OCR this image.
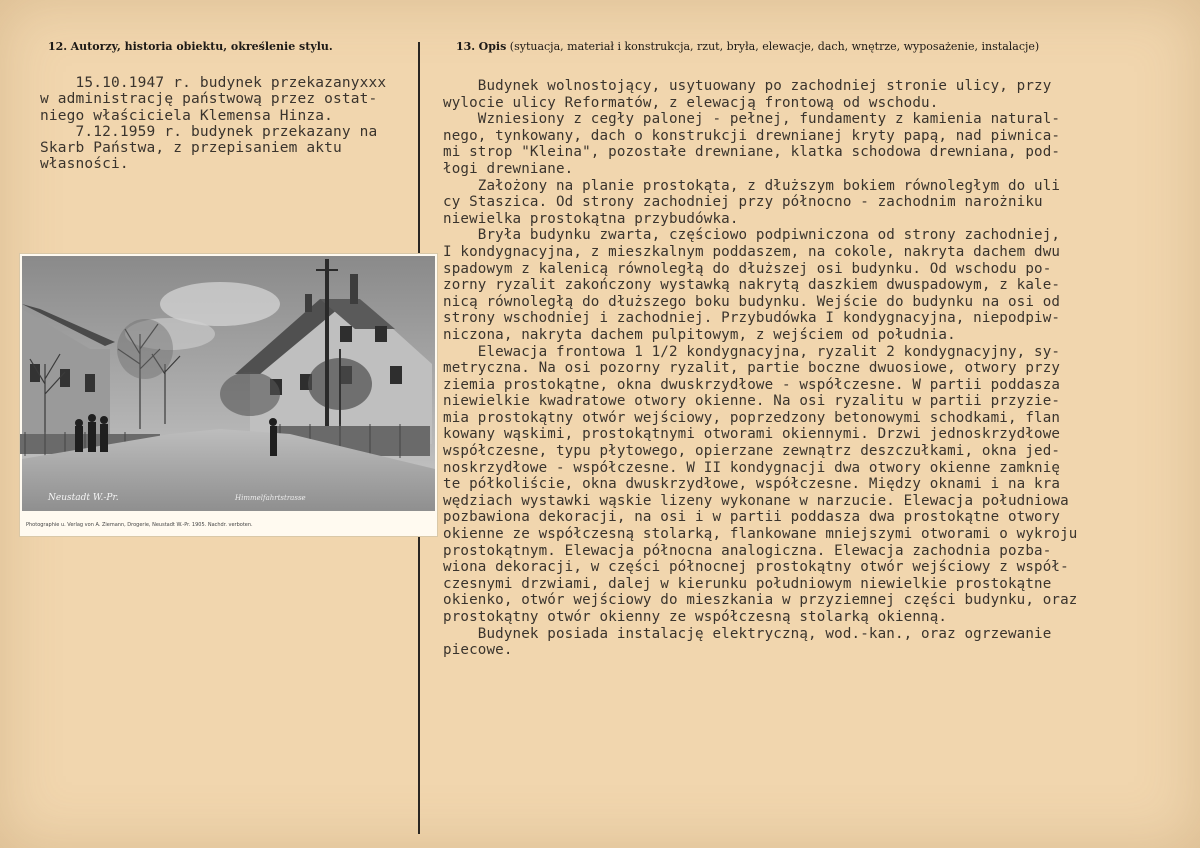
12. Autorzy, historia obiektu, określenie stylu.	13. Opis (sytuacja, materiał i konstrukcja, rzut, bryła, elewacje, dach, wnętrze, wyposażenie, instalacje)
15.10.1947 r. budynek przekazanyxxx
w administrację państwową przez ostat-
niego właściciela Klemensa Hinza.
7.12.1959 r. budynek przekazany na
Skarb Państwa, z przepisaniem aktu
własności.
Budynek wolnostojący, usytuowany po zachodniej stronie ulicy, przy
wylocie ulicy Reformatów, z elewacją frontową od wschodu.
Wzniesiony z cegły palonej - pełnej, fundamenty z kamienia natural-
nego, tynkowany, dach o konstrukcji drewnianej kryty papą, nad piwnica-
mi strop "Kleina", pozostałe drewniane, klatka schodowa drewniana, pod-
łogi drewniane.
Założony na planie prostokąta, z dłuższym bokiem równoległym do uli
cy Staszica. Od strony zachodniej przy północno - zachodnim narożniku
niewielka prostokątna przybudówka.
Bryła budynku zwarta, częściowo podpiwniczona od strony zachodniej,
I kondygnacyjna, z mieszkalnym poddaszem, na cokole, nakryta dachem dwu
spadowym z kalenicą równoległą do dłuższej osi budynku. Od wschodu po-
zorny ryzalit zakończony wystawką nakrytą daszkiem dwuspadowym, z kale-
nicą równoległą do dłuższego boku budynku. Wejście do budynku na osi od
strony wschodniej i zachodniej. Przybudówka I kondygnacyjna, niepodpiw-
niczona, nakryta dachem pulpitowym, z wejściem od południa.
Elewacja frontowa 1 1/2 kondygnacyjna, ryzalit 2 kondygnacyjny, sy-
metryczna. Na osi pozorny ryzalit, partie boczne dwuosiowe, otwory przy
ziemia prostokątne, okna dwuskrzydłowe - współczesne. W partii poddasza
niewielkie kwadratowe otwory okienne. Na osi ryzalitu w partii przyzie-
mia prostokątny otwór wejściowy, poprzedzony betonowymi schodkami, flan
kowany wąskimi, prostokątnymi otworami okiennymi. Drzwi jednoskrzydłowe
współczesne, typu płytowego, opierzane zewnątrz deszczułkami, okna jed-
noskrzydłowe - współczesne. W II kondygnacji dwa otwory okienne zamknię
te półkoliście, okna dwuskrzydłowe, współczesne. Między oknami i na kra
wędziach wystawki wąskie lizeny wykonane w narzucie. Elewacja południowa
pozbawiona dekoracji, na osi i w partii poddasza dwa prostokątne otwory
okienne ze współczesną stolarką, flankowane mniejszymi otworami o wykroju
prostokątnym. Elewacja północna analogiczna. Elewacja zachodnia pozba-
wiona dekoracji, w części północnej prostokątny otwór wejściowy z współ-
czesnymi drzwiami, dalej w kierunku południowym niewielkie prostokątne
okienko, otwór wejściowy do mieszkania w przyziemnej części budynku, oraz
prostokątny otwór okienny ze współczesną stolarką okienną.
Budynek posiada instalację elektryczną, wod.-kan., oraz ogrzewanie
piecowe.
Neustadt W.-Pr.	Himmelfahrtstrasse
Photographie u. Verlag von A. Ziemann, Drogerie, Neustadt W.-Pr. 1905. Nachdr. verboten.
